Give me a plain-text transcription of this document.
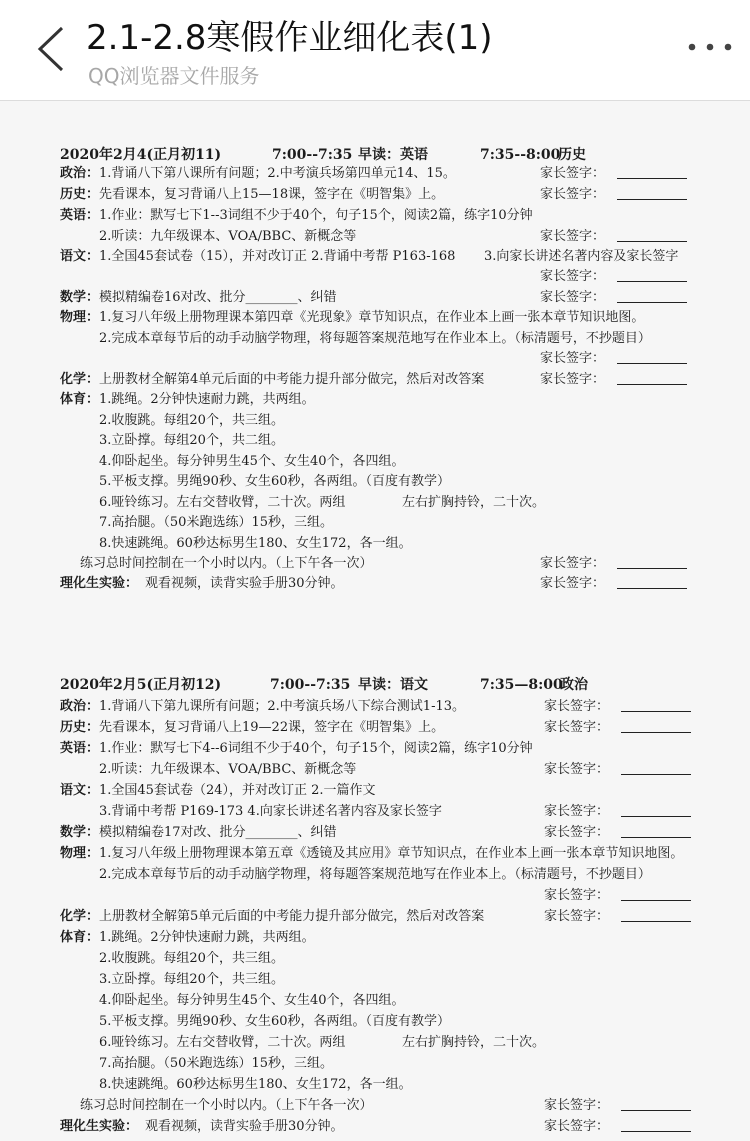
2.1-2.8寒假作业细化表(1)
QQ浏览器文件服务
2020年2月4(正月初11)	7:00--7:35 早读：英语	7:35--8:00
历史
政治： 1.背诵八下第八课所有问题；2.中考演兵场第四单元14、15。	家长签字：
历史： 先看课本，复习背诵八上15—18课，签字在《明智集》上。	家长签字：
英语： 1.作业：默写七下1--3词组不少于40个，句子15个，阅读2篇，练字10分钟
2.听读：九年级课本、VOA/BBC、新概念等	家长签字：
语文： 1.全国45套试卷（15），并对改订正 2.背诵中考帮 P163-168 3.向家长讲述名著内容及家长签字
家长签字：
数学： 模拟精编卷16对改、批分________、纠错	家长签字：
物理： 1.复习八年级上册物理课本第四章《光现象》章节知识点，在作业本上画一张本章节知识地图。
2.完成本章每节后的动手动脑学物理，将每题答案规范地写在作业本上。（标清题号，不抄题目）
家长签字：
化学： 上册教材全解第4单元后面的中考能力提升部分做完，然后对改答案	家长签字：
体育： 1.跳绳。2分钟快速耐力跳，共两组。
2.收腹跳。每组20个，共三组。
3.立卧撑。每组20个，共二组。
4.仰卧起坐。每分钟男生45个、女生40个，各四组。
5.平板支撑。男绳90秒、女生60秒，各两组。（百度有教学）
6.哑铃练习。左右交替收臂，二十次。两组	左右扩胸持铃，二十次。
7.高抬腿。（50米跑选练）15秒，三组。
8.快速跳绳。60秒达标男生180、女生172，各一组。
练习总时间控制在一个小时以内。（上下午各一次）	家长签字：
理化生实验： 观看视频，读背实验手册30分钟。	家长签字：
2020年2月5(正月初12)	7:00--7:35 早读：语文	7:35—8:00
政治
政治： 1.背诵八下第九课所有问题；2.中考演兵场八下综合测试1-13。	家长签字：
历史： 先看课本，复习背诵八上19—22课，签字在《明智集》上。	家长签字：
英语： 1.作业：默写七下4--6词组不少于40个，句子15个，阅读2篇，练字10分钟
2.听读：九年级课本、VOA/BBC、新概念等	家长签字：
语文： 1.全国45套试卷（24），并对改订正 2.一篇作文
3.背诵中考帮 P169-173 4.向家长讲述名著内容及家长签字	家长签字：
数学： 模拟精编卷17对改、批分________、纠错	家长签字：
物理： 1.复习八年级上册物理课本第五章《透镜及其应用》章节知识点，在作业本上画一张本章节知识地图。
2.完成本章每节后的动手动脑学物理，将每题答案规范地写在作业本上。（标清题号，不抄题目）
家长签字：
化学： 上册教材全解第5单元后面的中考能力提升部分做完，然后对改答案	家长签字：
体育： 1.跳绳。2分钟快速耐力跳，共两组。
2.收腹跳。每组20个，共三组。
3.立卧撑。每组20个，共三组。
4.仰卧起坐。每分钟男生45个、女生40个，各四组。
5.平板支撑。男绳90秒、女生60秒，各两组。（百度有教学）
6.哑铃练习。左右交替收臂，二十次。两组	左右扩胸持铃，二十次。
7.高抬腿。（50米跑选练）15秒，三组。
8.快速跳绳。60秒达标男生180、女生172，各一组。
练习总时间控制在一个小时以内。（上下午各一次）	家长签字：
理化生实验： 观看视频，读背实验手册30分钟。	家长签字：
